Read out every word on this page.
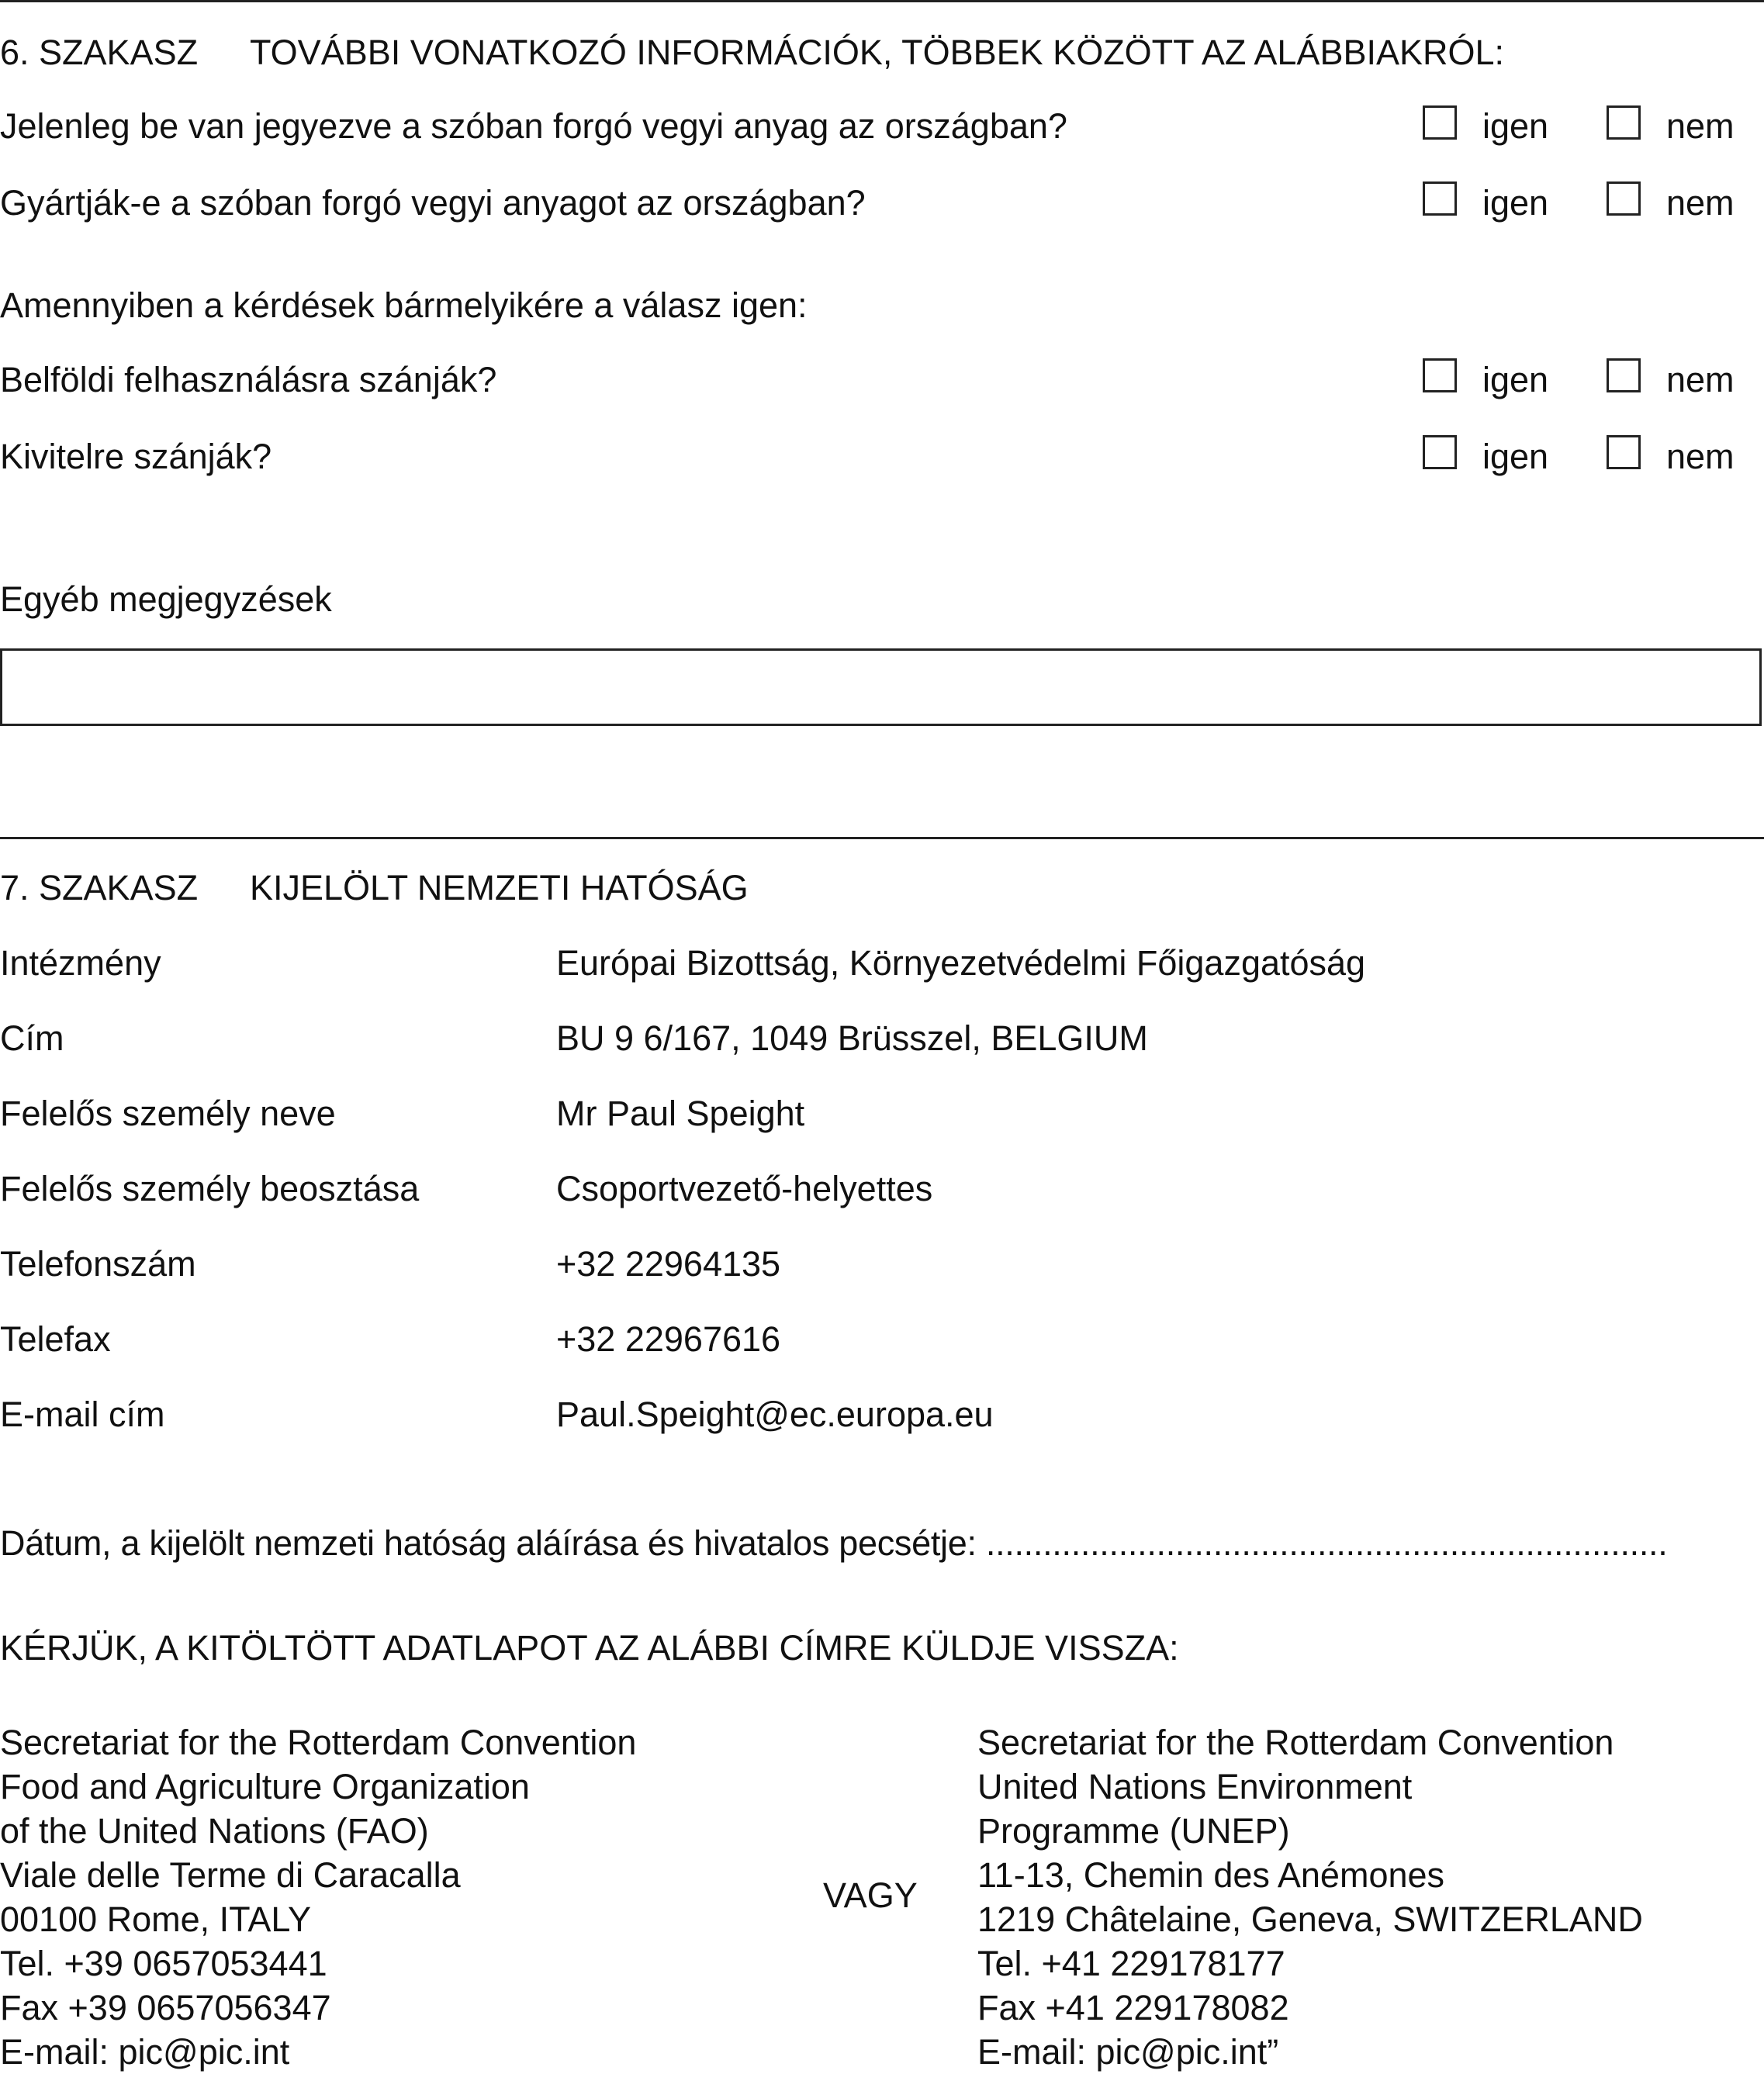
6. SZAKASZ TOVÁBBI VONATKOZÓ INFORMÁCIÓK, TÖBBEK KÖZÖTT AZ ALÁBBIAKRÓL:
Jelenleg be van jegyezve a szóban forgó vegyi anyag az országban?	igen	nem
Gyártják-e a szóban forgó vegyi anyagot az országban?	igen	nem
Amennyiben a kérdések bármelyikére a válasz igen:
Belföldi felhasználásra szánják?	igen	nem
Kivitelre szánják?	igen	nem
Egyéb megjegyzések
7. SZAKASZ KIJELÖLT NEMZETI HATÓSÁG
Intézmény	Európai Bizottság, Környezetvédelmi Főigazgatóság
Cím	BU 9 6/167, 1049 Brüsszel, BELGIUM
Felelős személy neve	Mr Paul Speight
Felelős személy beosztása	Csoportvezető-helyettes
Telefonszám	+32 22964135
Telefax	+32 22967616
E-mail cím	Paul.Speight@ec.europa.eu
Dátum, a kijelölt nemzeti hatóság aláírása és hivatalos pecsétje: ........................................................................
KÉRJÜK, A KITÖLTÖTT ADATLAPOT AZ ALÁBBI CÍMRE KÜLDJE VISSZA:
Secretariat for the Rotterdam Convention
Food and Agriculture Organization
of the United Nations (FAO)
Viale delle Terme di Caracalla
00100 Rome, ITALY
Tel. +39 0657053441
Fax +39 0657056347
E-mail: pic@pic.int
VAGY
Secretariat for the Rotterdam Convention
United Nations Environment
Programme (UNEP)
11-13, Chemin des Anémones
1219 Châtelaine, Geneva, SWITZERLAND
Tel. +41 229178177
Fax +41 229178082
E-mail: pic@pic.int”
